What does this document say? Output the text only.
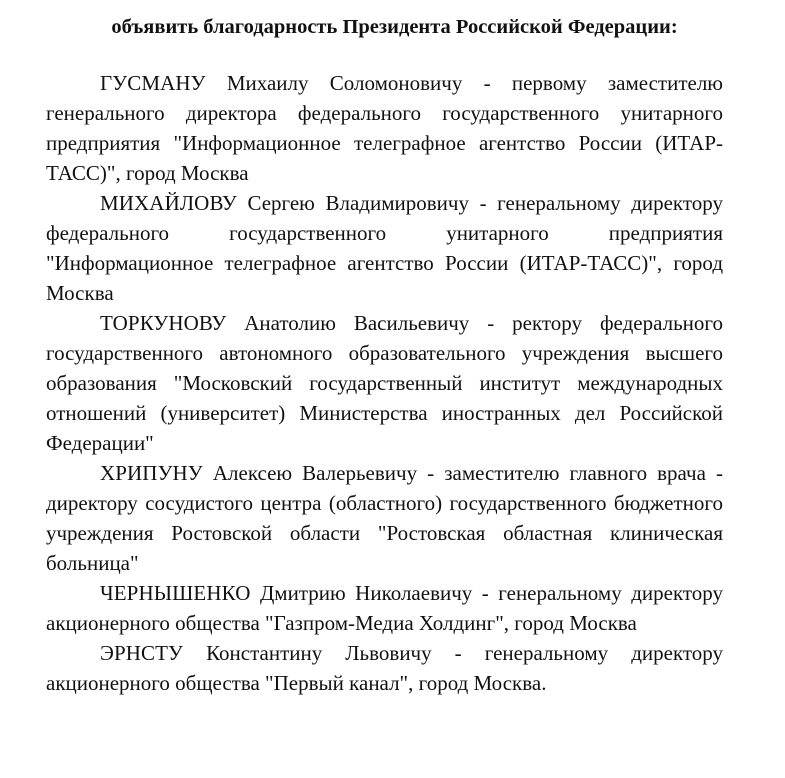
объявить благодарность Президента Российской Федерации:

ГУСМАНУ Михаилу Соломоновичу - первому заместителю генерального директора федерального государственного унитарного предприятия "Информационное телеграфное агентство России (ИТАР-ТАСС)", город Москва

МИХАЙЛОВУ Сергею Владимировичу - генеральному директору федерального государственного унитарного предприятия "Информационное телеграфное агентство России (ИТАР-ТАСС)", город Москва

ТОРКУНОВУ Анатолию Васильевичу - ректору федерального государственного автономного образовательного учреждения высшего образования "Московский государственный институт международных отношений (университет) Министерства иностранных дел Российской Федерации"

ХРИПУНУ Алексею Валерьевичу - заместителю главного врача - директору сосудистого центра (областного) государственного бюджетного учреждения Ростовской области "Ростовская областная клиническая больница"

ЧЕРНЫШЕНКО Дмитрию Николаевичу - генеральному директору акционерного общества "Газпром-Медиа Холдинг", город Москва

ЭРНСТУ Константину Львовичу - генеральному директору акционерного общества "Первый канал", город Москва.
